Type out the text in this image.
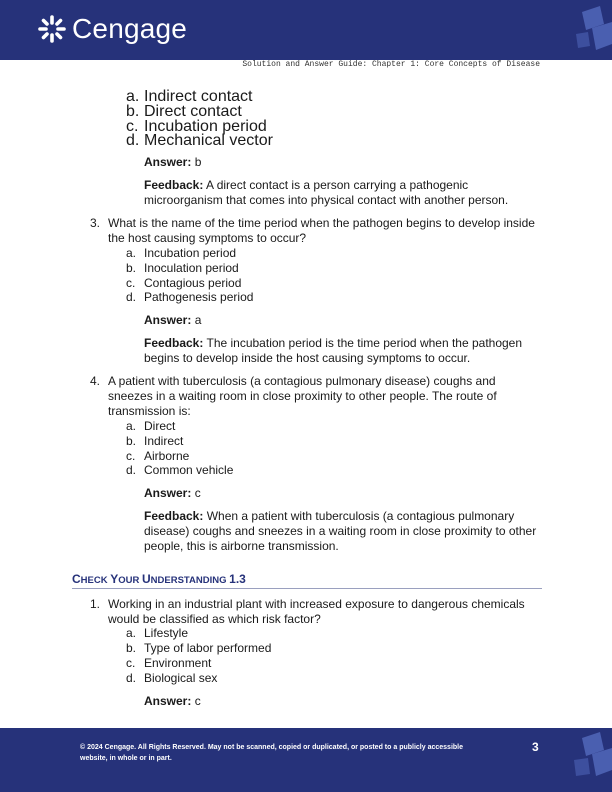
Cengage
Solution and Answer Guide: Chapter 1: Core Concepts of Disease
a. Indirect contact
b. Direct contact
c. Incubation period
d. Mechanical vector
Answer: b
Feedback: A direct contact is a person carrying a pathogenic microorganism that comes into physical contact with another person.
3. What is the name of the time period when the pathogen begins to develop inside the host causing symptoms to occur?
a. Incubation period
b. Inoculation period
c. Contagious period
d. Pathogenesis period
Answer: a
Feedback: The incubation period is the time period when the pathogen begins to develop inside the host causing symptoms to occur.
4. A patient with tuberculosis (a contagious pulmonary disease) coughs and sneezes in a waiting room in close proximity to other people. The route of transmission is:
a. Direct
b. Indirect
c. Airborne
d. Common vehicle
Answer: c
Feedback: When a patient with tuberculosis (a contagious pulmonary disease) coughs and sneezes in a waiting room in close proximity to other people, this is airborne transmission.
CHECK YOUR UNDERSTANDING 1.3
1. Working in an industrial plant with increased exposure to dangerous chemicals would be classified as which risk factor?
a. Lifestyle
b. Type of labor performed
c. Environment
d. Biological sex
Answer: c
© 2024 Cengage. All Rights Reserved. May not be scanned, copied or duplicated, or posted to a publicly accessible website, in whole or in part.
3
